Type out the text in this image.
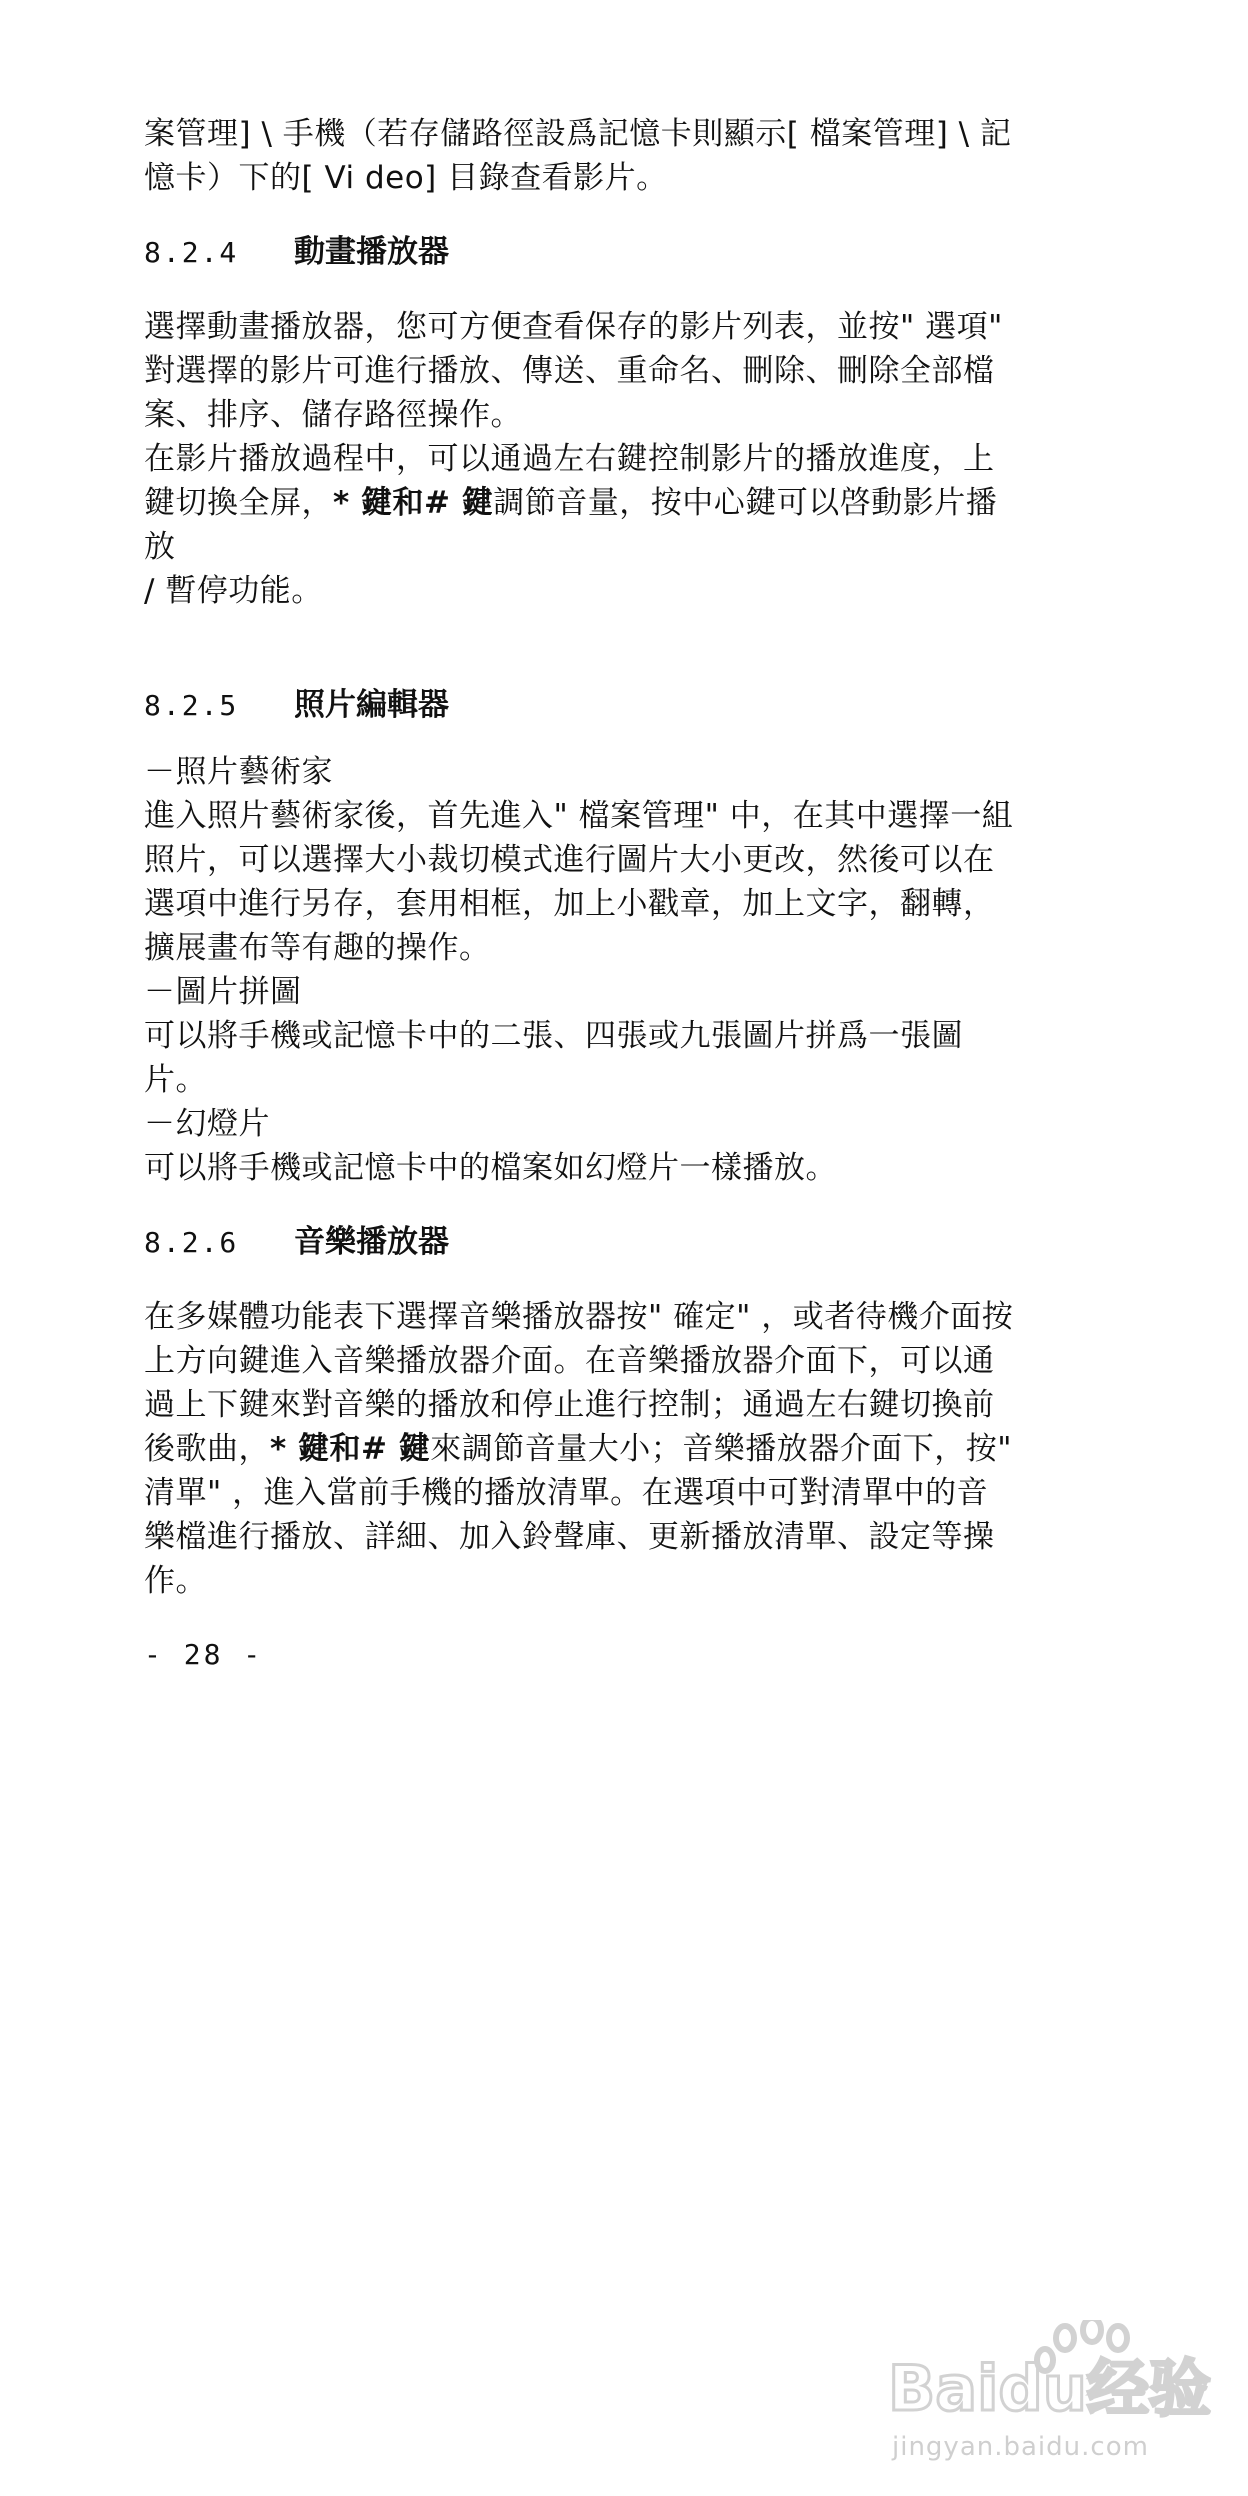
案管理] \ 手機（若存儲路徑設爲記憶卡則顯示[ 檔案管理] \ 記

憶卡）下的[ Vi deo] 目錄查看影片。

8.2.4	動畫播放器

選擇動畫播放器，您可方便查看保存的影片列表，並按" 選項"

對選擇的影片可進行播放、傳送、重命名、刪除、刪除全部檔

案、排序、儲存路徑操作。

在影片播放過程中，可以通過左右鍵控制影片的播放進度，上

鍵切換全屏，* 鍵和# 鍵調節音量，按中心鍵可以啓動影片播放

/ 暫停功能。

8.2.5	照片編輯器

－照片藝術家

進入照片藝術家後，首先進入" 檔案管理" 中，在其中選擇一組

照片，可以選擇大小裁切模式進行圖片大小更改，然後可以在

選項中進行另存，套用相框，加上小戳章，加上文字，翻轉，

擴展畫布等有趣的操作。

－圖片拼圖

可以將手機或記憶卡中的二張、四張或九張圖片拼爲一張圖

片。

－幻燈片

可以將手機或記憶卡中的檔案如幻燈片一樣播放。

8.2.6	音樂播放器

在多媒體功能表下選擇音樂播放器按" 確定" ，或者待機介面按

上方向鍵進入音樂播放器介面。在音樂播放器介面下，可以通

過上下鍵來對音樂的播放和停止進行控制；通過左右鍵切換前

後歌曲，* 鍵和# 鍵來調節音量大小；音樂播放器介面下，按"

清單" ，進入當前手機的播放清單。在選項中可對清單中的音

樂檔進行播放、詳細、加入鈴聲庫、更新播放清單、設定等操

作。

- 28 -

Baidu经验
jingyan.baidu.com
